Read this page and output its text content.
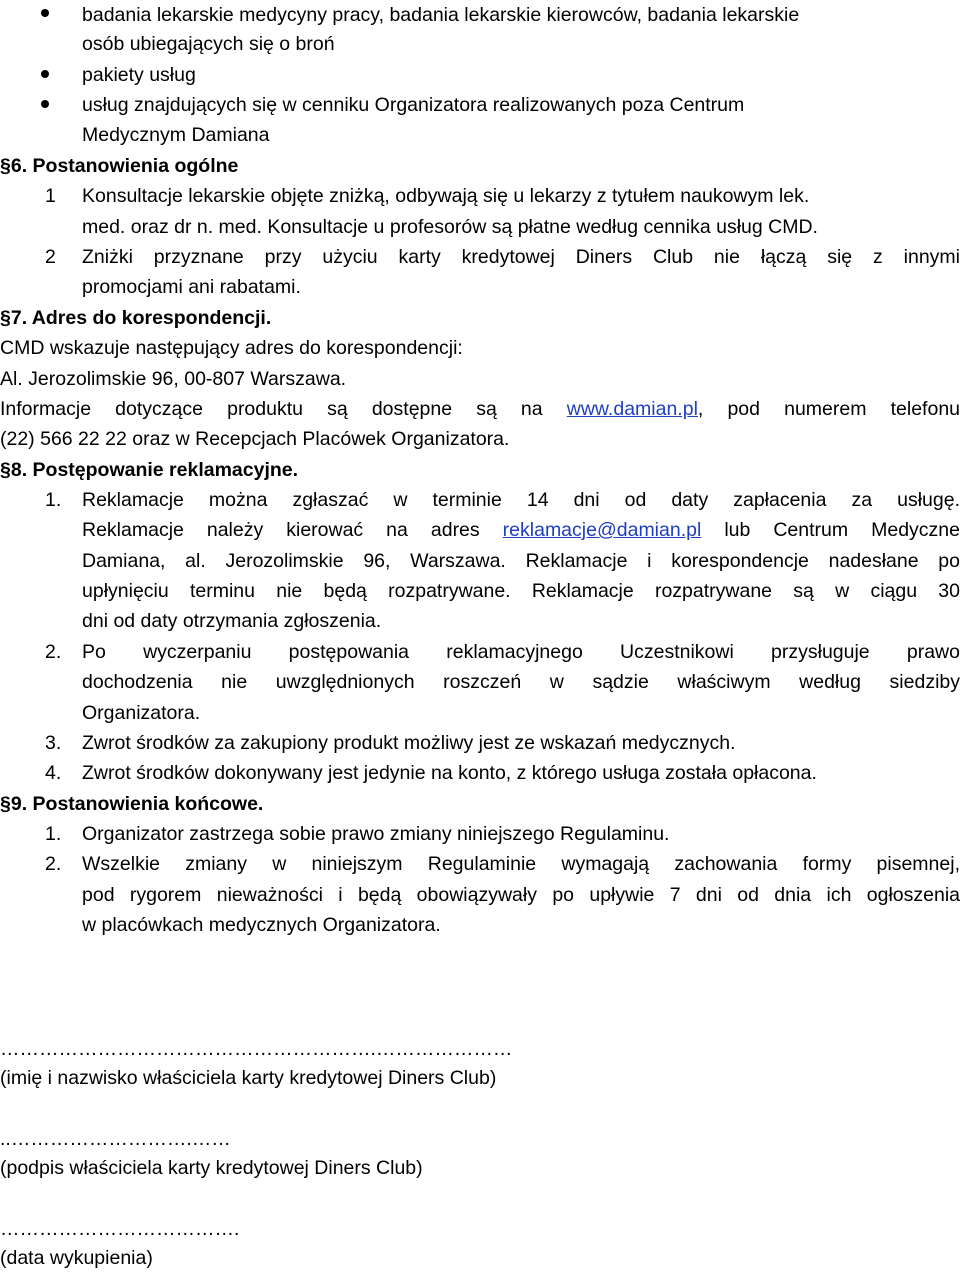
badania lekarskie medycyny pracy, badania lekarskie kierowców, badania lekarskie
osób ubiegających się o broń
pakiety usług
usług znajdujących się w cenniku Organizatora realizowanych poza Centrum
Medycznym Damiana
§6. Postanowienia ogólne
1 Konsultacje lekarskie objęte zniżką, odbywają się u lekarzy z tytułem naukowym lek.
med. oraz dr n. med. Konsultacje u profesorów są płatne według cennika usług CMD.
2 Zniżki przyznane przy użyciu karty kredytowej Diners Club nie łączą się z innymi
promocjami ani rabatami.
§7. Adres do korespondencji.
CMD wskazuje następujący adres do korespondencji:
Al. Jerozolimskie 96, 00-807 Warszawa.
Informacje dotyczące produktu są dostępne są na www.damian.pl, pod numerem telefonu
(22) 566 22 22 oraz w Recepcjach Placówek Organizatora.
§8. Postępowanie reklamacyjne.
1. Reklamacje można zgłaszać w terminie 14 dni od daty zapłacenia za usługę.
Reklamacje należy kierować na adres reklamacje@damian.pl lub Centrum Medyczne
Damiana, al. Jerozolimskie 96, Warszawa. Reklamacje i korespondencje nadesłane po
upłynięciu terminu nie będą rozpatrywane. Reklamacje rozpatrywane są w ciągu 30
dni od daty otrzymania zgłoszenia.
2. Po wyczerpaniu postępowania reklamacyjnego Uczestnikowi przysługuje prawo
dochodzenia nie uwzględnionych roszczeń w sądzie właściwym według siedziby
Organizatora.
3. Zwrot środków za zakupiony produkt możliwy jest ze wskazań medycznych.
4. Zwrot środków dokonywany jest jedynie na konto, z którego usługa została opłacona.
§9. Postanowienia końcowe.
1. Organizator zastrzega sobie prawo zmiany niniejszego Regulaminu.
2. Wszelkie zmiany w niniejszym Regulaminie wymagają zachowania formy pisemnej,
pod rygorem nieważności i będą obowiązywały po upływie 7 dni od dnia ich ogłoszenia
w placówkach medycznych Organizatora.
………………………………………………….…………………
(imię i nazwisko właściciela karty kredytowej Diners Club)
..……………………….……
(podpis właściciela karty kredytowej Diners Club)
……………………………….
(data wykupienia)
